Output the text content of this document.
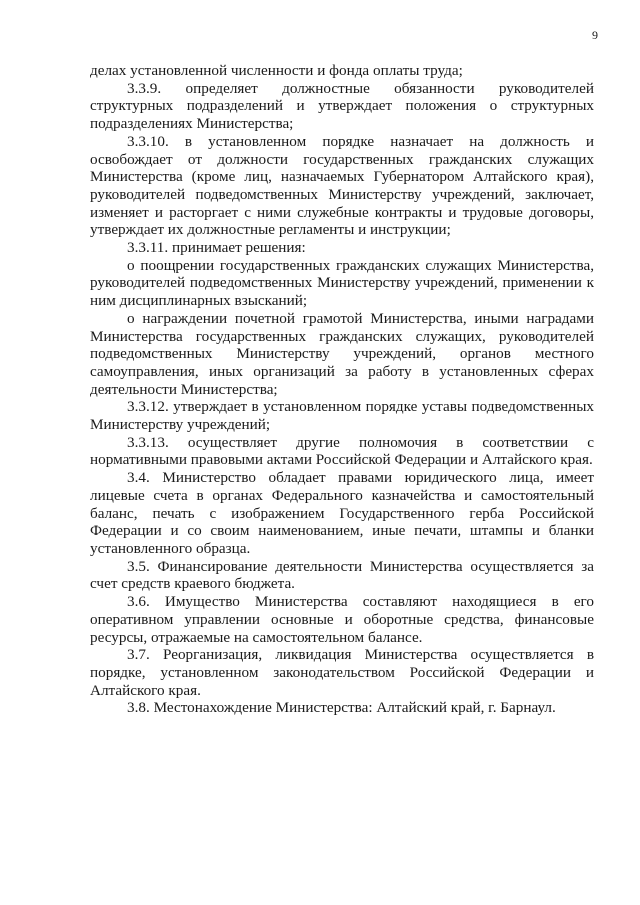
9

делах установленной численности и фонда оплаты труда;

3.3.9. определяет должностные обязанности руководителей структурных подразделений и утверждает положения о структурных подразделениях Министерства;

3.3.10. в установленном порядке назначает на должность и освобождает от должности государственных гражданских служащих Министерства (кроме лиц, назначаемых Губернатором Алтайского края), руководителей подведомственных Министерству учреждений, заключает, изменяет и расторгает с ними служебные контракты и трудовые договоры, утверждает их должностные регламенты и инструкции;

3.3.11. принимает решения:

о поощрении государственных гражданских служащих Министерства, руководителей подведомственных Министерству учреждений, применении к ним дисциплинарных взысканий;

о награждении почетной грамотой Министерства, иными наградами Министерства государственных гражданских служащих, руководителей подведомственных Министерству учреждений, органов местного самоуправления, иных организаций за работу в установленных сферах деятельности Министерства;

3.3.12. утверждает в установленном порядке уставы подведомственных Министерству учреждений;

3.3.13. осуществляет другие полномочия в соответствии с нормативными правовыми актами Российской Федерации и Алтайского края.

3.4. Министерство обладает правами юридического лица, имеет лицевые счета в органах Федерального казначейства и самостоятельный баланс, печать с изображением Государственного герба Российской Федерации и со своим наименованием, иные печати, штампы и бланки установленного образца.

3.5. Финансирование деятельности Министерства осуществляется за счет средств краевого бюджета.

3.6. Имущество Министерства составляют находящиеся в его оперативном управлении основные и оборотные средства, финансовые ресурсы, отражаемые на самостоятельном балансе.

3.7. Реорганизация, ликвидация Министерства осуществляется в порядке, установленном законодательством Российской Федерации и Алтайского края.

3.8. Местонахождение Министерства: Алтайский край, г. Барнаул.
